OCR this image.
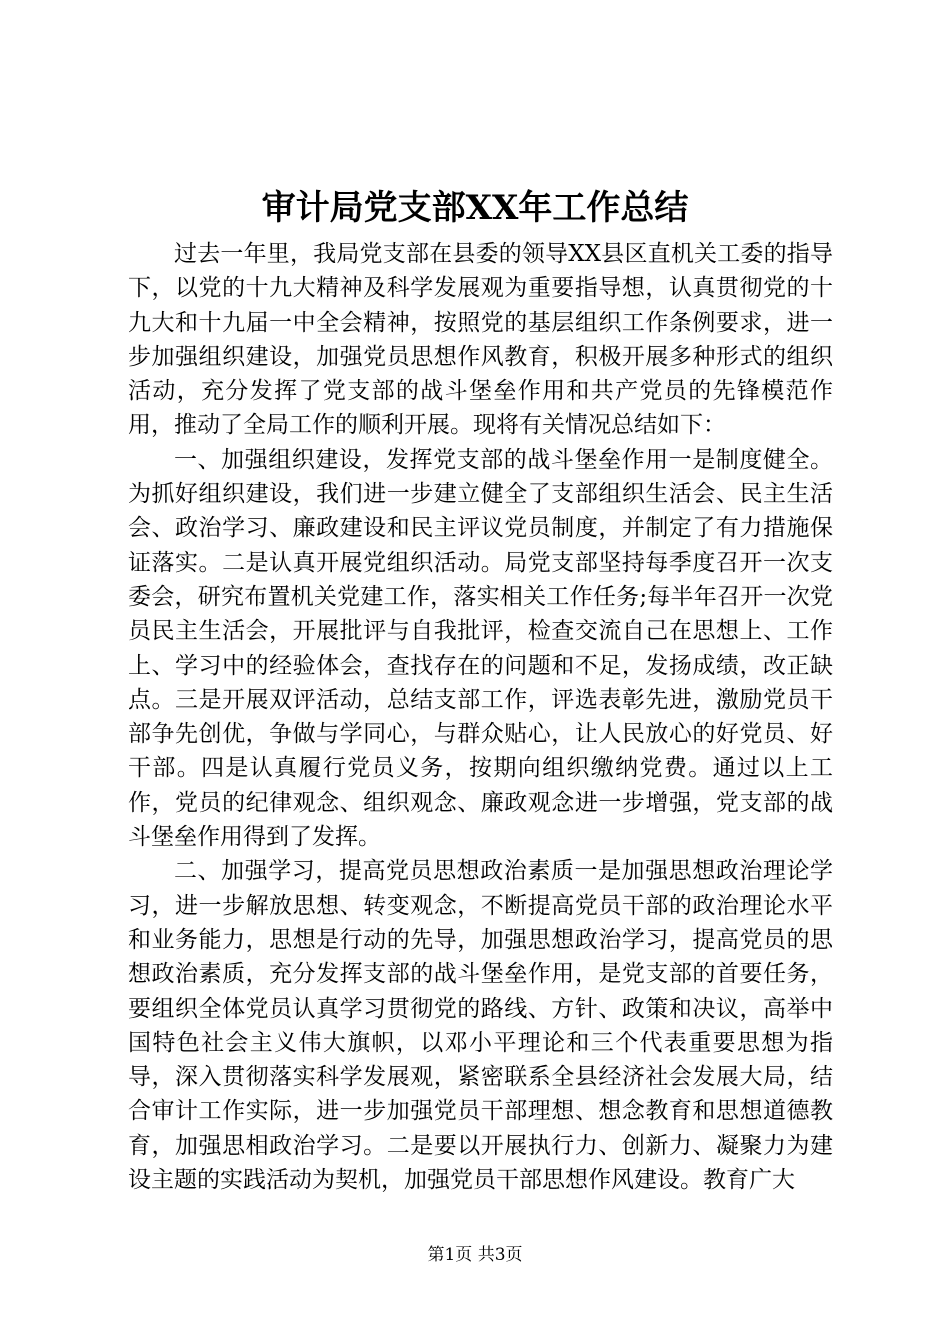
审计局党支部XX年工作总结

过去一年里，我局党支部在县委的领导XX县区直机关工委的指导下，以党的十九大精神及科学发展观为重要指导想，认真贯彻党的十九大和十九届一中全会精神，按照党的基层组织工作条例要求，进一步加强组织建设，加强党员思想作风教育，积极开展多种形式的组织活动，充分发挥了党支部的战斗堡垒作用和共产党员的先锋模范作用，推动了全局工作的顺利开展。现将有关情况总结如下：

一、加强组织建设，发挥党支部的战斗堡垒作用一是制度健全。为抓好组织建设，我们进一步建立健全了支部组织生活会、民主生活会、政治学习、廉政建设和民主评议党员制度，并制定了有力措施保证落实。二是认真开展党组织活动。局党支部坚持每季度召开一次支委会，研究布置机关党建工作，落实相关工作任务;每半年召开一次党员民主生活会，开展批评与自我批评，检查交流自己在思想上、工作上、学习中的经验体会，查找存在的问题和不足，发扬成绩，改正缺点。三是开展双评活动，总结支部工作，评选表彰先进，激励党员干部争先创优，争做与学同心，与群众贴心，让人民放心的好党员、好干部。四是认真履行党员义务，按期向组织缴纳党费。通过以上工作，党员的纪律观念、组织观念、廉政观念进一步增强，党支部的战斗堡垒作用得到了发挥。

二、加强学习，提高党员思想政治素质一是加强思想政治理论学习，进一步解放思想、转变观念，不断提高党员干部的政治理论水平和业务能力，思想是行动的先导，加强思想政治学习，提高党员的思想政治素质，充分发挥支部的战斗堡垒作用，是党支部的首要任务，要组织全体党员认真学习贯彻党的路线、方针、政策和决议，高举中国特色社会主义伟大旗帜，以邓小平理论和三个代表重要思想为指导，深入贯彻落实科学发展观，紧密联系全县经济社会发展大局，结合审计工作实际，进一步加强党员干部理想、想念教育和思想道德教育，加强思相政治学习。二是要以开展执行力、创新力、凝聚力为建设主题的实践活动为契机，加强党员干部思想作风建设。教育广大

第1页 共3页
